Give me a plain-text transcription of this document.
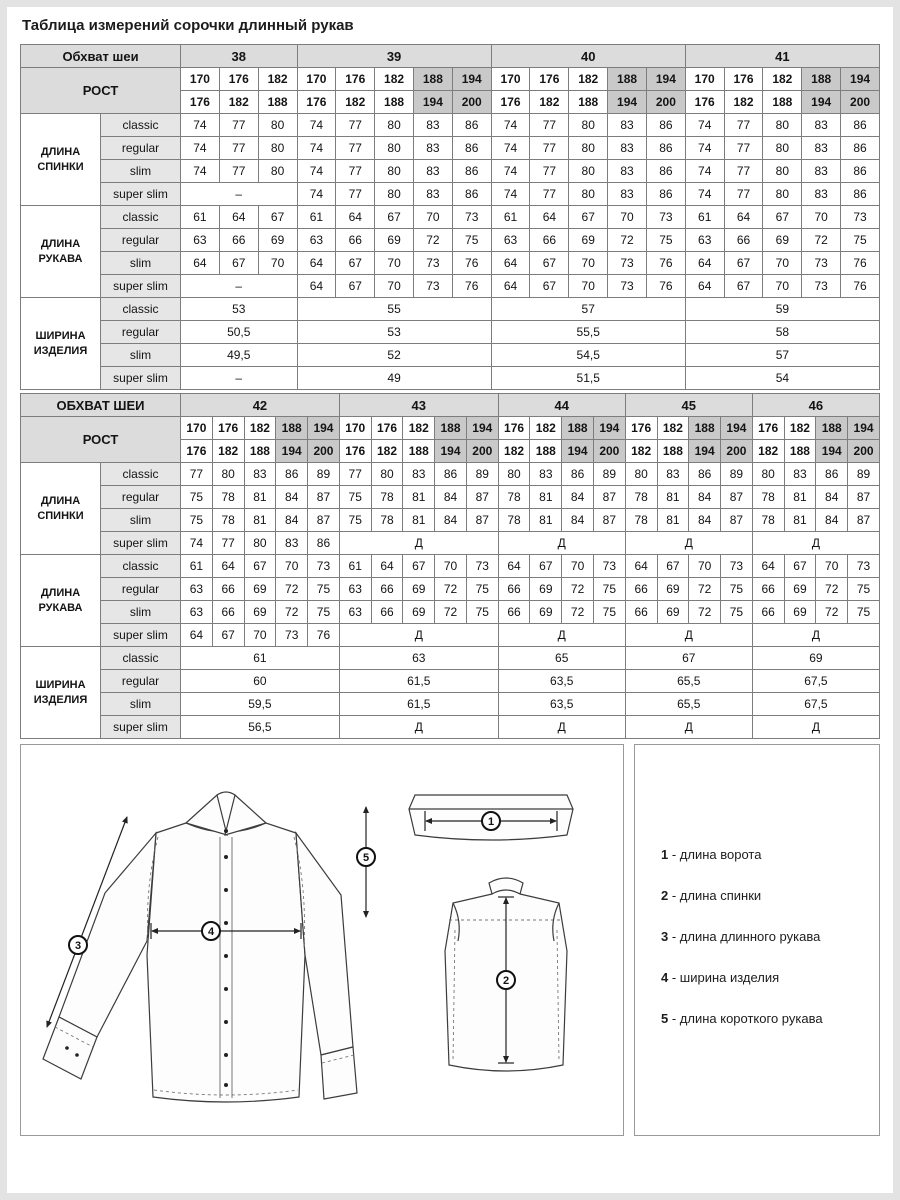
Таблица измерений сорочки длинный рукав
Обхват шеи		38			39					40					41				
РОСТ		170	176	182	170	176	182	188	194	170	176	182	188	194	170	176	182	188	194
		176	182	188	176	182	188	194	200	176	182	188	194	200	176	182	188	194	200
ДЛИНА СПИНКИ	classic	74	77	80	74	77	80	83	86	74	77	80	83	86	74	77	80	83	86
	regular	74	77	80	74	77	80	83	86	74	77	80	83	86	74	77	80	83	86
	slim	74	77	80	74	77	80	83	86	74	77	80	83	86	74	77	80	83	86
	super slim	–			74	77	80	83	86	74	77	80	83	86	74	77	80	83	86
ДЛИНА РУКАВА	classic	61	64	67	61	64	67	70	73	61	64	67	70	73	61	64	67	70	73
	regular	63	66	69	63	66	69	72	75	63	66	69	72	75	63	66	69	72	75
	slim	64	67	70	64	67	70	73	76	64	67	70	73	76	64	67	70	73	76
	super slim	–			64	67	70	73	76	64	67	70	73	76	64	67	70	73	76
ШИРИНА ИЗДЕЛИЯ	classic	53			55					57					59				
	regular	50,5			53					55,5					58				
	slim	49,5			52					54,5					57				
	super slim	–			49					51,5					54				
ОБХВАТ ШЕИ		42					43					44				45				46			
РОСТ		170	176	182	188	194	170	176	182	188	194	176	182	188	194	176	182	188	194	176	182	188	194
		176	182	188	194	200	176	182	188	194	200	182	188	194	200	182	188	194	200	182	188	194	200
ДЛИНА СПИНКИ	classic	77	80	83	86	89	77	80	83	86	89	80	83	86	89	80	83	86	89	80	83	86	89
	regular	75	78	81	84	87	75	78	81	84	87	78	81	84	87	78	81	84	87	78	81	84	87
	slim	75	78	81	84	87	75	78	81	84	87	78	81	84	87	78	81	84	87	78	81	84	87
	super slim	74	77	80	83	86	Д					Д				Д				Д			
ДЛИНА РУКАВА	classic	61	64	67	70	73	61	64	67	70	73	64	67	70	73	64	67	70	73	64	67	70	73
	regular	63	66	69	72	75	63	66	69	72	75	66	69	72	75	66	69	72	75	66	69	72	75
	slim	63	66	69	72	75	63	66	69	72	75	66	69	72	75	66	69	72	75	66	69	72	75
	super slim	64	67	70	73	76	Д					Д				Д				Д			
ШИРИНА ИЗДЕЛИЯ	classic	61					63					65				67				69			
	regular	60					61,5					63,5				65,5				67,5			
	slim	59,5					61,5					63,5				65,5				67,5			
	super slim	56,5					Д					Д				Д				Д			
1
2
3
4
5	1 - длина ворота
2 - длина спинки
3 - длина длинного рукава
4 - ширина изделия
5 - длина короткого рукава
